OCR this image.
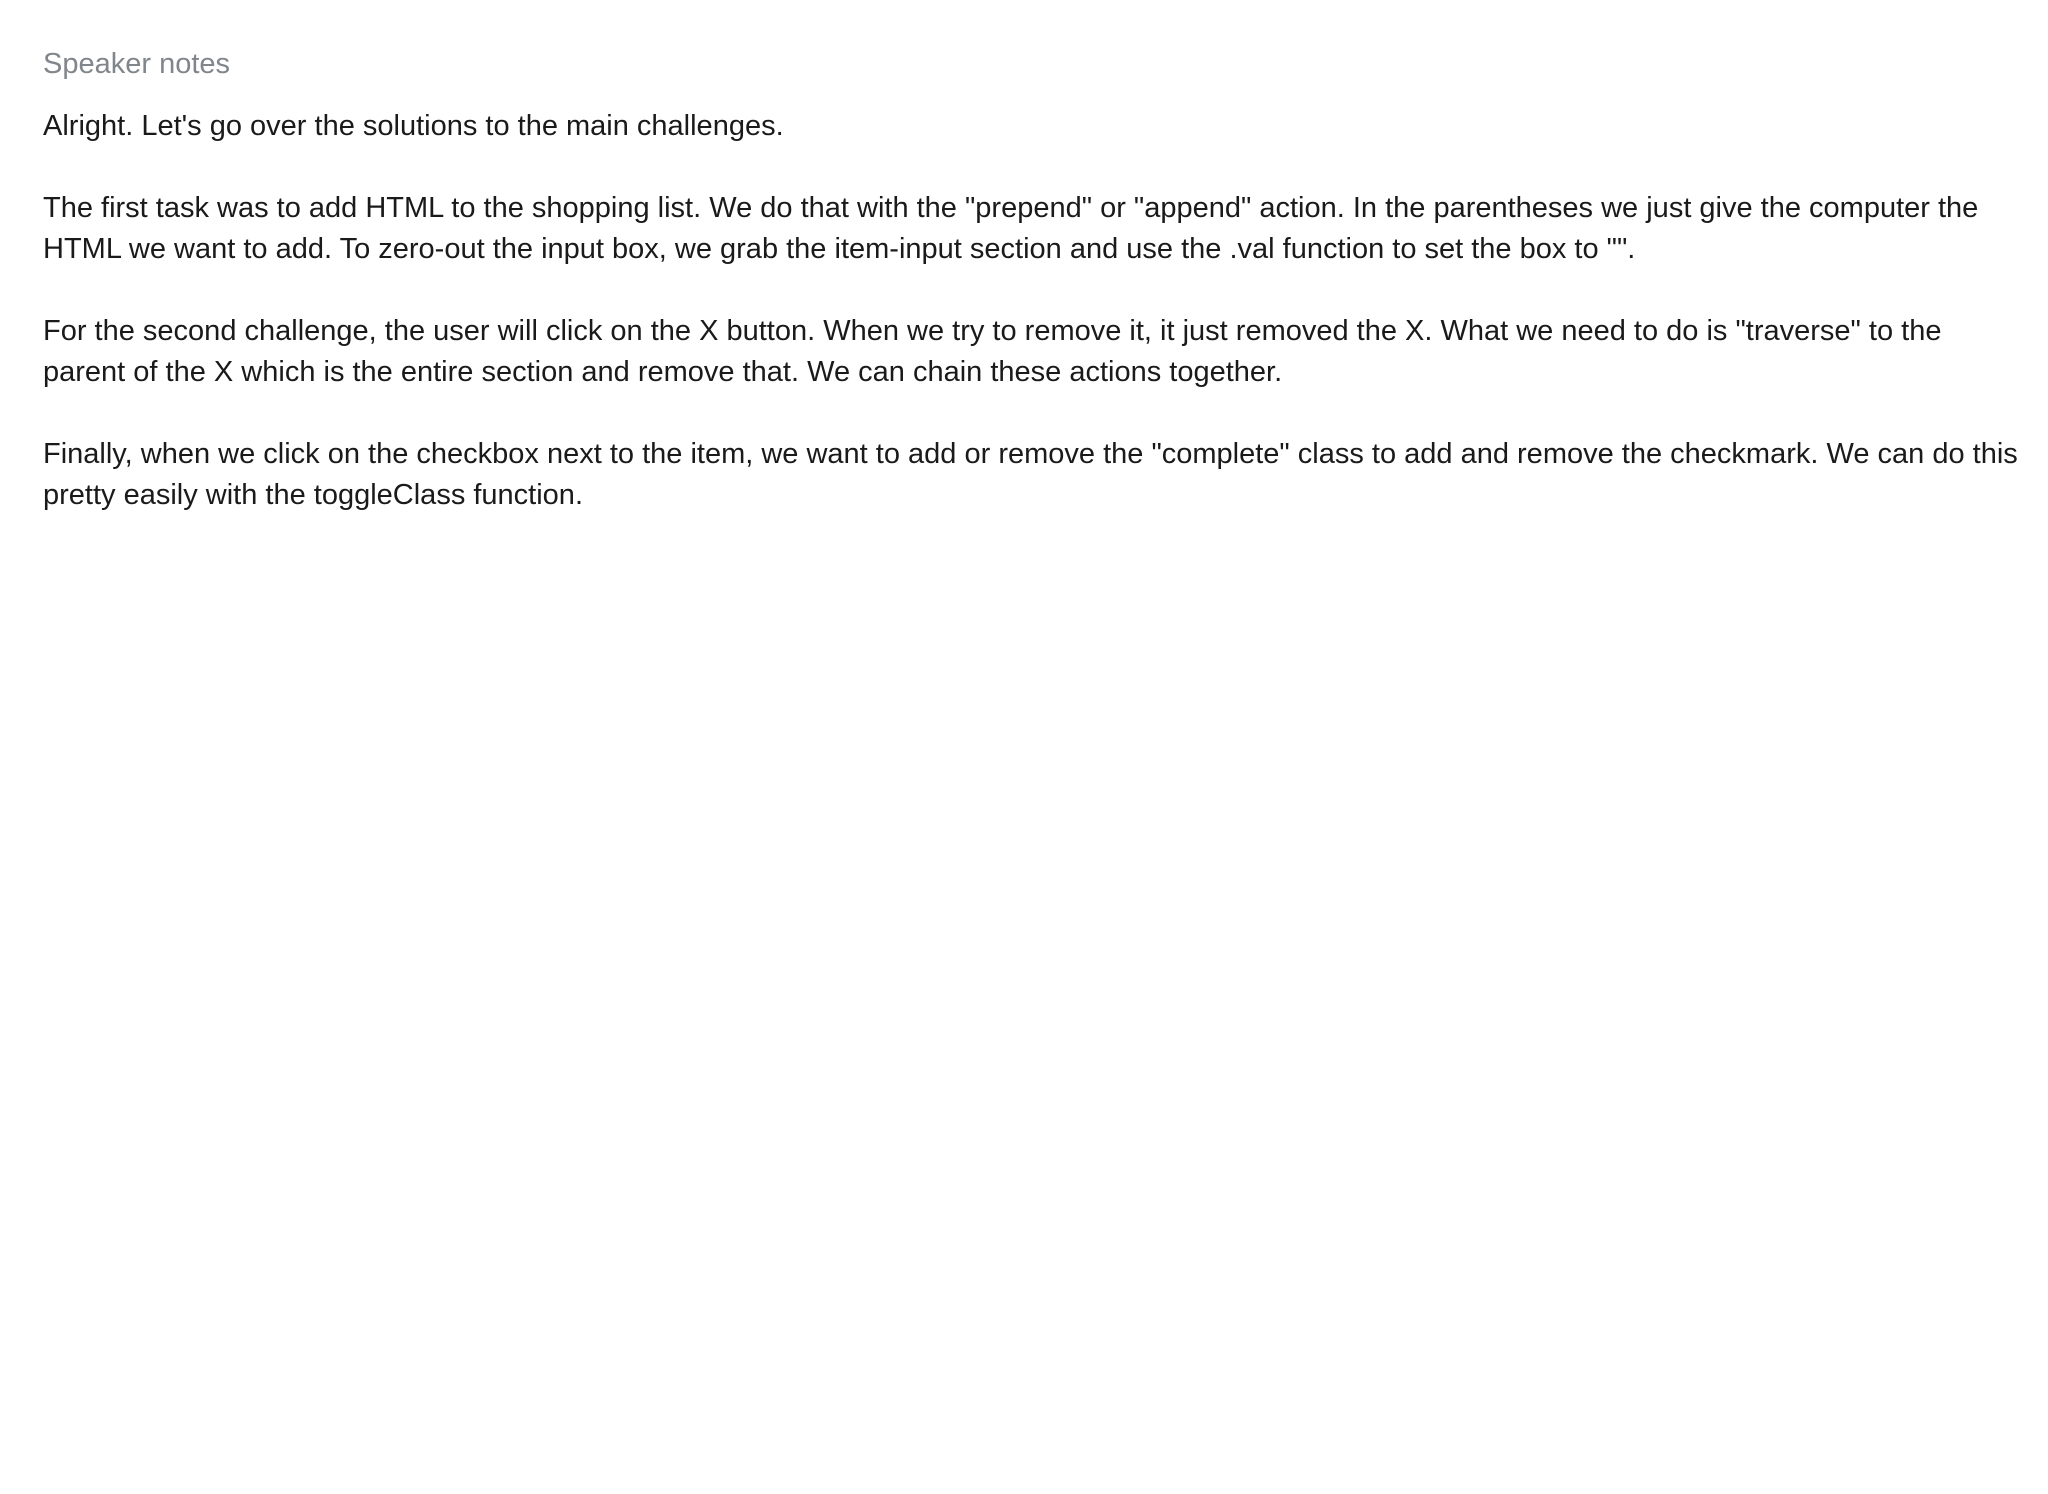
Speaker notes

Alright. Let's go over the solutions to the main challenges.

The first task was to add HTML to the shopping list. We do that with the "prepend" or "append" action. In the parentheses we just give the computer the HTML we want to add. To zero-out the input box, we grab the item-input section and use the .val function to set the box to "".

For the second challenge, the user will click on the X button. When we try to remove it, it just removed the X. What we need to do is "traverse" to the parent of the X which is the entire section and remove that. We can chain these actions together.

Finally, when we click on the checkbox next to the item, we want to add or remove the "complete" class to add and remove the checkmark. We can do this pretty easily with the toggleClass function.
